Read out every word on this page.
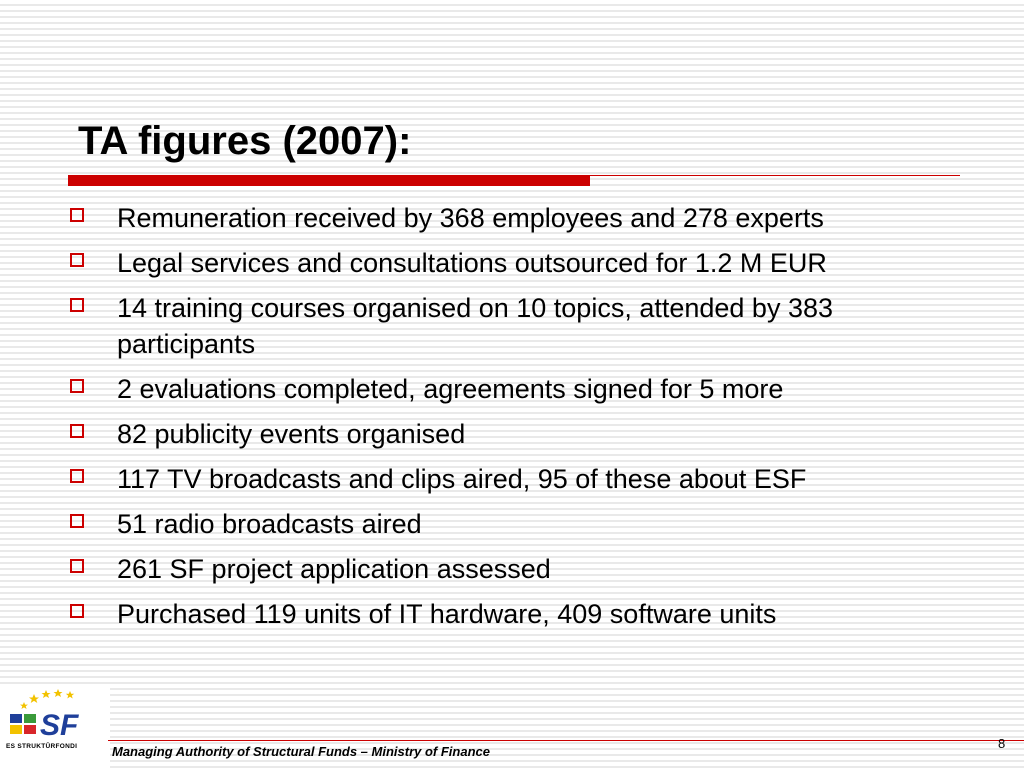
TA figures (2007):
Remuneration received by 368 employees and 278 experts
Legal services and consultations outsourced for 1.2 M EUR
14 training courses organised on 10 topics, attended by 383 participants
2 evaluations completed, agreements signed for 5 more
82 publicity events organised
117 TV broadcasts and clips aired, 95 of these about ESF
51 radio broadcasts aired
261 SF project application assessed
Purchased 119 units of IT hardware, 409 software units
SF
ES STRUKTŪRFONDI	Managing Authority of Structural Funds – Ministry of Finance
8
